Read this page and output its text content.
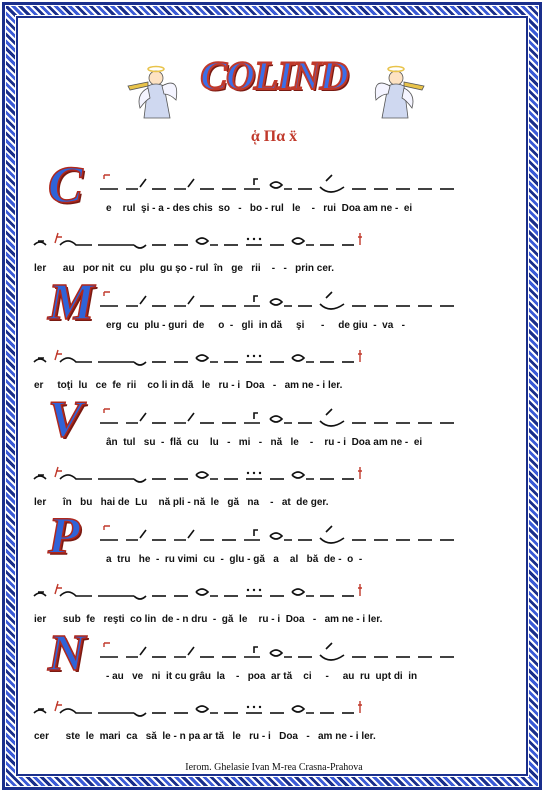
COLIND
ᾁ Πα ẍ
C e    rul  şi - a - des chis  so   -   bo - rul   le    -   rui  Doa am ne -  ei
ler      au   por nit  cu   plu  gu şo - rul  în   ge   rii    -   -   prin cer.
M erg  cu  plu - guri  de     o  -   gli  in dă     şi      -     de giu  -  va   -
er     toţi  lu   ce  fe  rii    co li in dă   le   ru - i  Doa   -   am ne - i ler.
V ân  tul   su  -  flă  cu    lu   -   mi   -   nă   le    -    ru - i  Doa am ne -  ei
ler      în   bu   hai de  Lu    nă pli - nă  le   gă   na    -   at  de ger.
P	a  tru   he  -  ru vimi  cu  -  glu - gă   a    al   bă  de -  o  -
ier      sub  fe   reşti  co lin  de - n dru  -  gă  le    ru - i  Doa   -   am ne - i ler.
N - au   ve   ni  it cu grâu  la    -   poa  ar tă    ci     -     au  ru  upt di  in
cer      ste  le  mari  ca   să  le - n pa ar tă   le   ru - i   Doa   -   am ne - i ler.
Ierom. Ghelasie Ivan M-rea Crasna-Prahova
